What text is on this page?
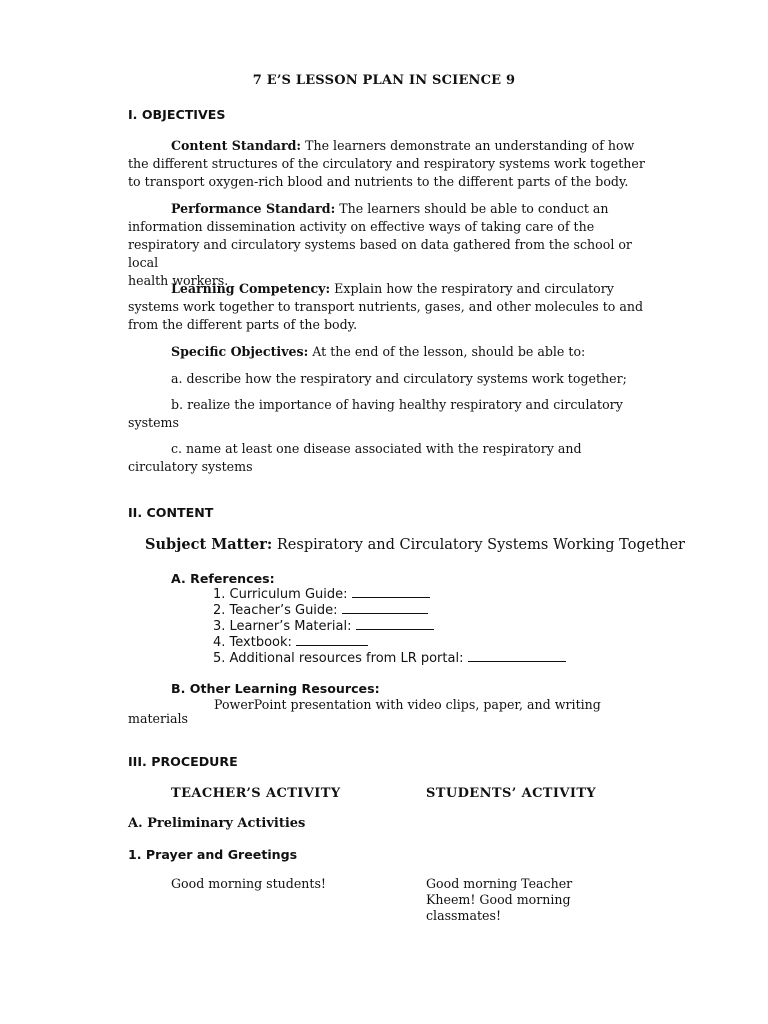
7 E’S LESSON PLAN IN SCIENCE 9
I. OBJECTIVES
Content Standard: The learners demonstrate an understanding of how
the different structures of the circulatory and respiratory systems work together
to transport oxygen-rich blood and nutrients to the different parts of the body.
Performance Standard: The learners should be able to conduct an
information dissemination activity on effective ways of taking care of the
respiratory and circulatory systems based on data gathered from the school or local
health workers.
Learning Competency: Explain how the respiratory and circulatory
systems work together to transport nutrients, gases, and other molecules to and
from the different parts of the body.
Specific Objectives: At the end of the lesson, should be able to:
a. describe how the respiratory and circulatory systems work together;
b. realize the importance of having healthy respiratory and circulatory
systems
c. name at least one disease associated with the respiratory and
circulatory systems
II. CONTENT
Subject Matter: Respiratory and Circulatory Systems Working Together
A. References:
1. Curriculum Guide:
2. Teacher’s Guide:
3. Learner’s Material:
4. Textbook:
5. Additional resources from LR portal:
B. Other Learning Resources:
PowerPoint presentation with video clips, paper, and writing
materials
III. PROCEDURE
TEACHER’S ACTIVITY	STUDENTS’ ACTIVITY
A. Preliminary Activities
1. Prayer and Greetings
Good morning students!	Good morning Teacher
Kheem! Good morning
classmates!
